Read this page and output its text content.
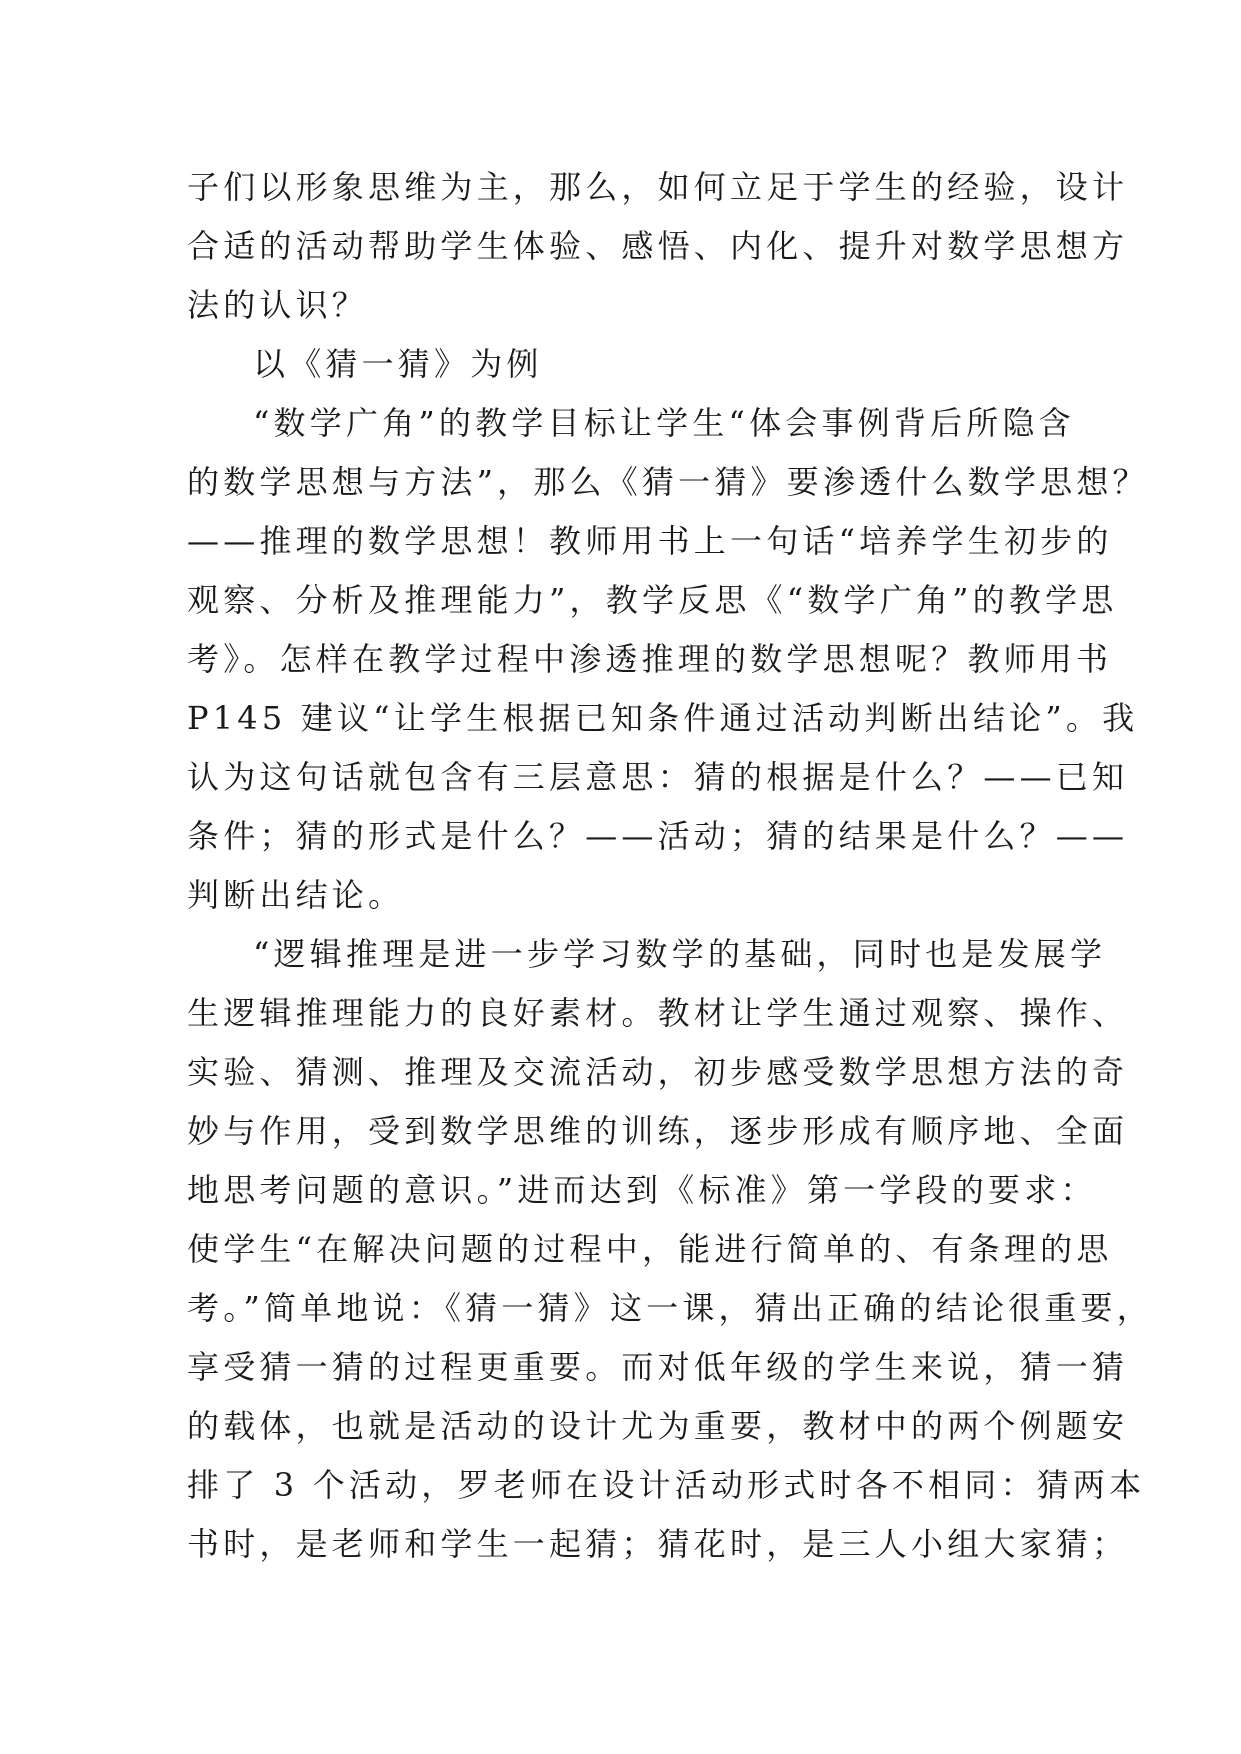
子们以形象思维为主，那么，如何立足于学生的经验，设计
合适的活动帮助学生体验、感悟、内化、提升对数学思想方
法的认识？
以《猜一猜》为例
“数学广角”的教学目标让学生“体会事例背后所隐含
的数学思想与方法”，那么《猜一猜》要渗透什么数学思想？
——推理的数学思想！教师用书上一句话“培养学生初步的
观察、分析及推理能力”，教学反思《“数学广角”的教学思
考》。怎样在教学过程中渗透推理的数学思想呢？教师用书
P145 建议“让学生根据已知条件通过活动判断出结论”。我
认为这句话就包含有三层意思：猜的根据是什么？——已知
条件；猜的形式是什么？——活动；猜的结果是什么？——
判断出结论。
“逻辑推理是进一步学习数学的基础，同时也是发展学
生逻辑推理能力的良好素材。教材让学生通过观察、操作、
实验、猜测、推理及交流活动，初步感受数学思想方法的奇
妙与作用，受到数学思维的训练，逐步形成有顺序地、全面
地思考问题的意识。”进而达到《标准》第一学段的要求：
使学生“在解决问题的过程中，能进行简单的、有条理的思
考。”简单地说：《猜一猜》这一课，猜出正确的结论很重要，
享受猜一猜的过程更重要。而对低年级的学生来说，猜一猜
的载体，也就是活动的设计尤为重要，教材中的两个例题安
排了 3 个活动，罗老师在设计活动形式时各不相同：猜两本
书时，是老师和学生一起猜；猜花时，是三人小组大家猜；
